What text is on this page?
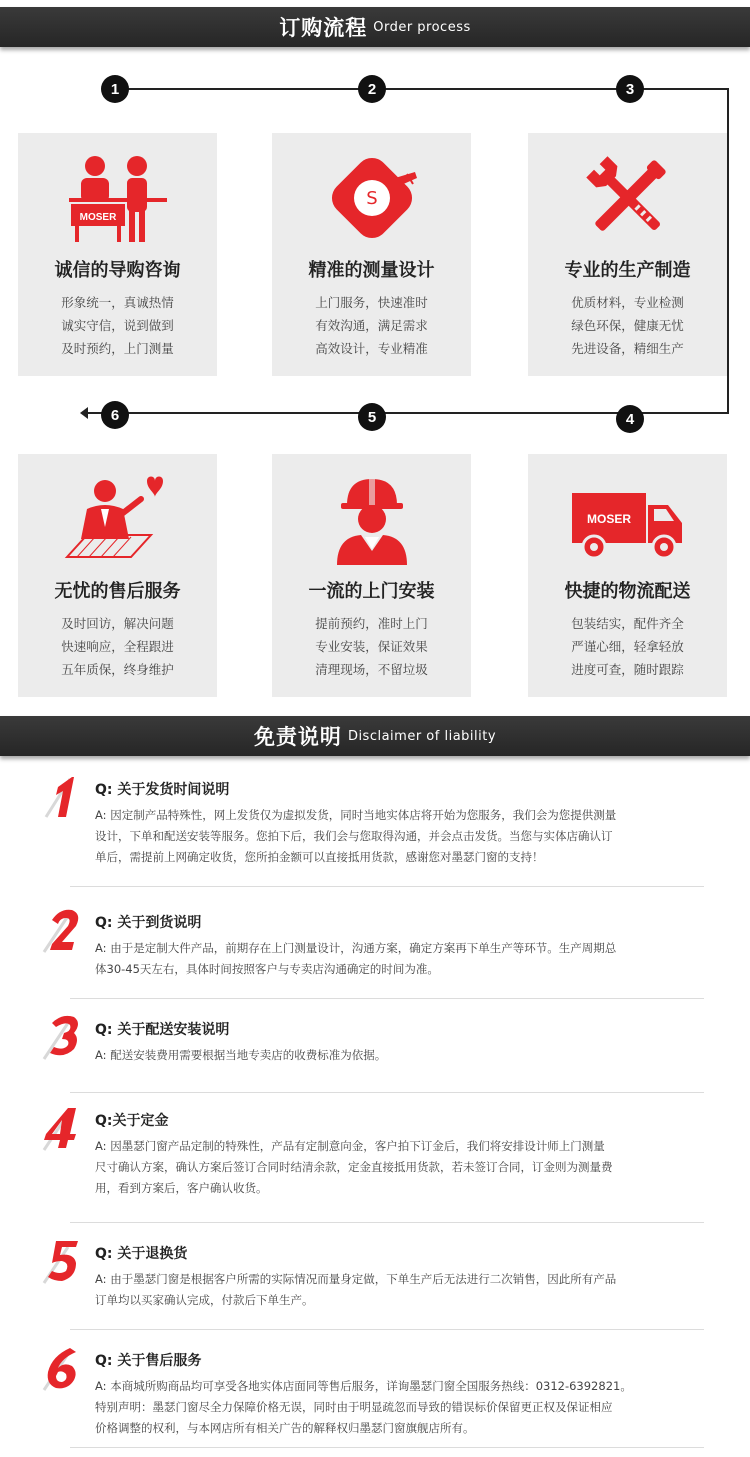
订购流程 Order process
1	2	3
4
5
6
MOSER
诚信的导购咨询
形象统一，真诚热情
诚实守信，说到做到
及时预约，上门测量
S
精准的测量设计
上门服务，快速准时
有效沟通，满足需求
高效设计，专业精准
专业的生产制造
优质材料，专业检测
绿色环保，健康无忧
先进设备，精细生产
无忧的售后服务
及时回访，解决问题
快速响应，全程跟进
五年质保，终身维护
一流的上门安装
提前预约，准时上门
专业安装，保证效果
清理现场，不留垃圾
MOSER
快捷的物流配送
包装结实，配件齐全
严谨心细，轻拿轻放
进度可查，随时跟踪
免责说明 Disclaimer of liability
Q: 关于发货时间说明
A: 因定制产品特殊性，网上发货仅为虚拟发货，同时当地实体店将开始为您服务，我们会为您提供测量
设计，下单和配送安装等服务。您拍下后，我们会与您取得沟通，并会点击发货。当您与实体店确认订
单后，需提前上网确定收货，您所拍金额可以直接抵用货款，感谢您对墨瑟门窗的支持！
Q: 关于到货说明
A: 由于是定制大件产品，前期存在上门测量设计，沟通方案，确定方案再下单生产等环节。生产周期总
体30-45天左右，具体时间按照客户与专卖店沟通确定的时间为准。
Q: 关于配送安装说明
A: 配送安装费用需要根据当地专卖店的收费标准为依据。
Q:关于定金
A: 因墨瑟门窗产品定制的特殊性，产品有定制意向金，客户拍下订金后，我们将安排设计师上门测量
尺寸确认方案，确认方案后签订合同时结清余款，定金直接抵用货款，若未签订合同，订金则为测量费
用，看到方案后，客户确认收货。
Q: 关于退换货
A: 由于墨瑟门窗是根据客户所需的实际情况而量身定做，下单生产后无法进行二次销售，因此所有产品
订单均以买家确认完成，付款后下单生产。
Q: 关于售后服务
A: 本商城所购商品均可享受各地实体店面同等售后服务，详询墨瑟门窗全国服务热线：0312-6392821。
特别声明：墨瑟门窗尽全力保障价格无误，同时由于明显疏忽而导致的错误标价保留更正权及保证相应
价格调整的权利，与本网店所有相关广告的解释权归墨瑟门窗旗舰店所有。
